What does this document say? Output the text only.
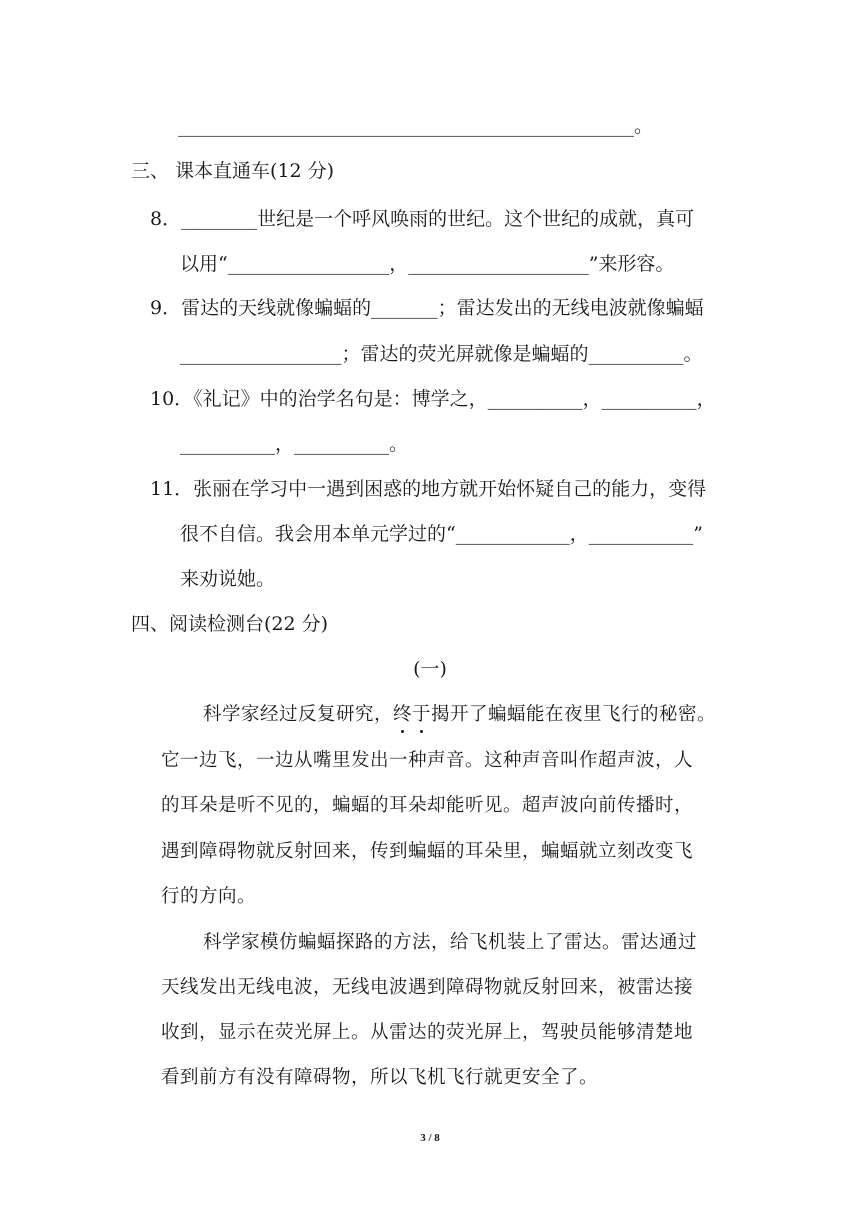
________________________________________________。
三、 课本直通车(12 分)
8．________世纪是一个呼风唤雨的世纪。这个世纪的成就，真可
以用“_________________，___________________”来形容。
9．雷达的天线就像蝙蝠的_______；雷达发出的无线电波就像蝙蝠
_________________；雷达的荧光屏就像是蝙蝠的__________。
10．《礼记》中的治学名句是：博学之，__________，__________，
__________，__________。
11．张丽在学习中一遇到困惑的地方就开始怀疑自己的能力，变得
很不自信。我会用本单元学过的“____________，___________”
来劝说她。
四、阅读检测台(22 分)
(一)
科学家经过反复研究，终于揭开了蝙蝠能在夜里飞行的秘密。
它一边飞，一边从嘴里发出一种声音。这种声音叫作超声波，人
的耳朵是听不见的，蝙蝠的耳朵却能听见。超声波向前传播时，
遇到障碍物就反射回来，传到蝙蝠的耳朵里，蝙蝠就立刻改变飞
行的方向。
科学家模仿蝙蝠探路的方法，给飞机装上了雷达。雷达通过
天线发出无线电波，无线电波遇到障碍物就反射回来，被雷达接
收到，显示在荧光屏上。从雷达的荧光屏上，驾驶员能够清楚地
看到前方有没有障碍物，所以飞机飞行就更安全了。
3 / 8
